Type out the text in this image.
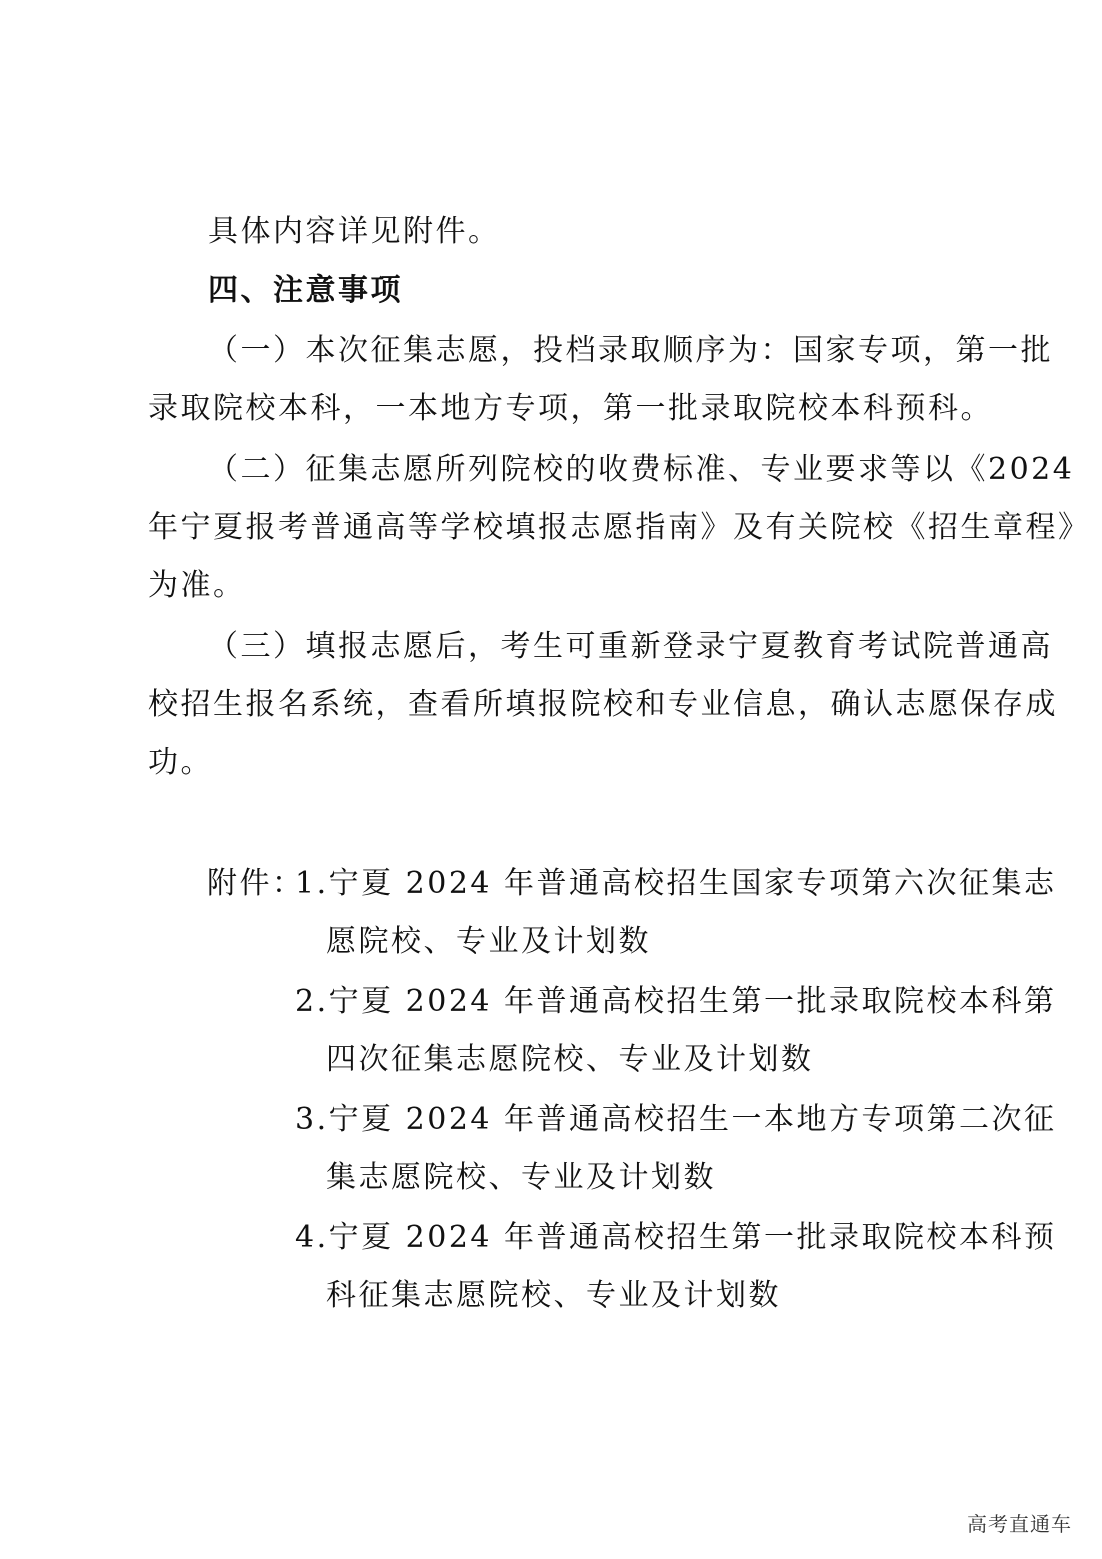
具体内容详见附件。
四、注意事项
（一）本次征集志愿，投档录取顺序为：国家专项，第一批
录取院校本科，一本地方专项，第一批录取院校本科预科。
（二）征集志愿所列院校的收费标准、专业要求等以《2024
年宁夏报考普通高等学校填报志愿指南》及有关院校《招生章程》
为准。
（三）填报志愿后，考生可重新登录宁夏教育考试院普通高
校招生报名系统，查看所填报院校和专业信息，确认志愿保存成
功。
附件：
1.宁夏 2024 年普通高校招生国家专项第六次征集志
愿院校、专业及计划数
2.宁夏 2024 年普通高校招生第一批录取院校本科第
四次征集志愿院校、专业及计划数
3.宁夏 2024 年普通高校招生一本地方专项第二次征
集志愿院校、专业及计划数
4.宁夏 2024 年普通高校招生第一批录取院校本科预
科征集志愿院校、专业及计划数
高考直通车
